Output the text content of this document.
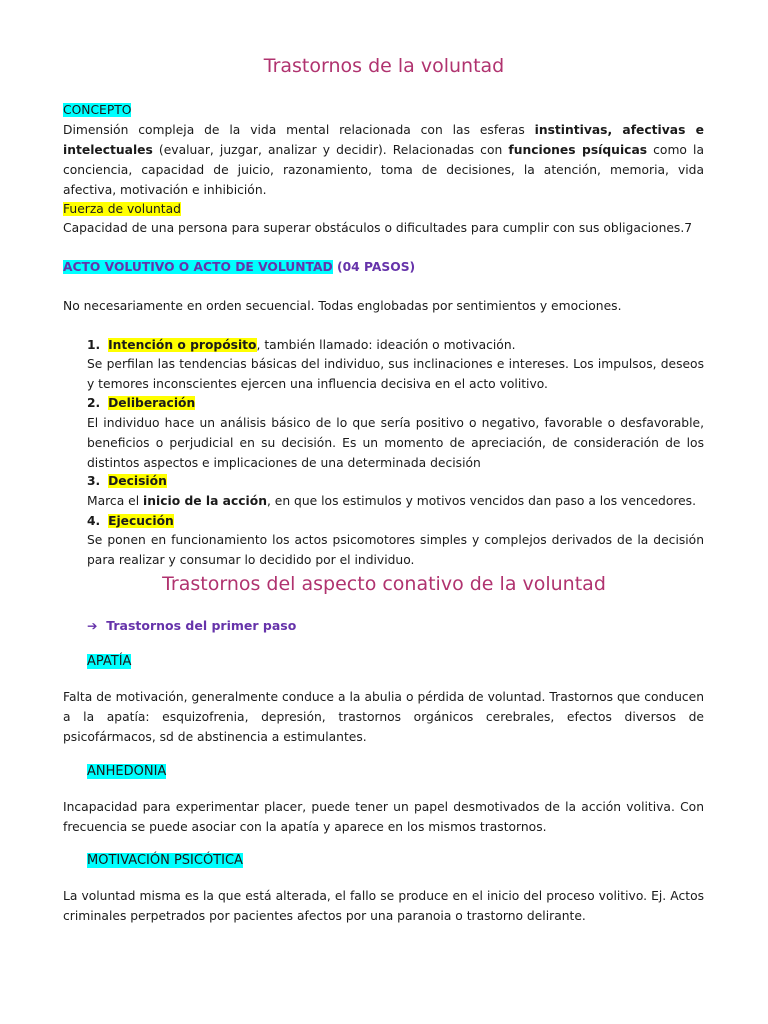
Trastornos de la voluntad
CONCEPTO

Dimensión compleja de la vida mental relacionada con las esferas instintivas, afectivas e intelectuales (evaluar, juzgar, analizar y decidir). Relacionadas con funciones psíquicas como la conciencia, capacidad de juicio, razonamiento, toma de decisiones, la atención, memoria, vida afectiva, motivación e inhibición.

Fuerza de voluntad

Capacidad de una persona para superar obstáculos o dificultades para cumplir con sus obligaciones.7

ACTO VOLUTIVO O ACTO DE VOLUNTAD (04 PASOS)

No necesariamente en orden secuencial. Todas englobadas por sentimientos y emociones.

1. Intención o propósito, también llamado: ideación o motivación.

Se perfilan las tendencias básicas del individuo, sus inclinaciones e intereses. Los impulsos, deseos y temores inconscientes ejercen una influencia decisiva en el acto volitivo.

2. Deliberación

El individuo hace un análisis básico de lo que sería positivo o negativo, favorable o desfavorable, beneficios o perjudicial en su decisión. Es un momento de apreciación, de consideración de los distintos aspectos e implicaciones de una determinada decisión

3. Decisión

Marca el inicio de la acción, en que los estimulos y motivos vencidos dan paso a los vencedores.

4. Ejecución

Se ponen en funcionamiento los actos psicomotores simples y complejos derivados de la decisión para realizar y consumar lo decidido por el individuo.

Trastornos del aspecto conativo de la voluntad
➔ Trastornos del primer paso
APATÍA

Falta de motivación, generalmente conduce a la abulia o pérdida de voluntad. Trastornos que conducen a la apatía: esquizofrenia, depresión, trastornos orgánicos cerebrales, efectos diversos de psicofármacos, sd de abstinencia a estimulantes.

ANHEDONIA

Incapacidad para experimentar placer, puede tener un papel desmotivados de la acción volitiva. Con frecuencia se puede asociar con la apatía y aparece en los mismos trastornos.

MOTIVACIÓN PSICÓTICA

La voluntad misma es la que está alterada, el fallo se produce en el inicio del proceso volitivo. Ej. Actos criminales perpetrados por pacientes afectos por una paranoia o trastorno delirante.
